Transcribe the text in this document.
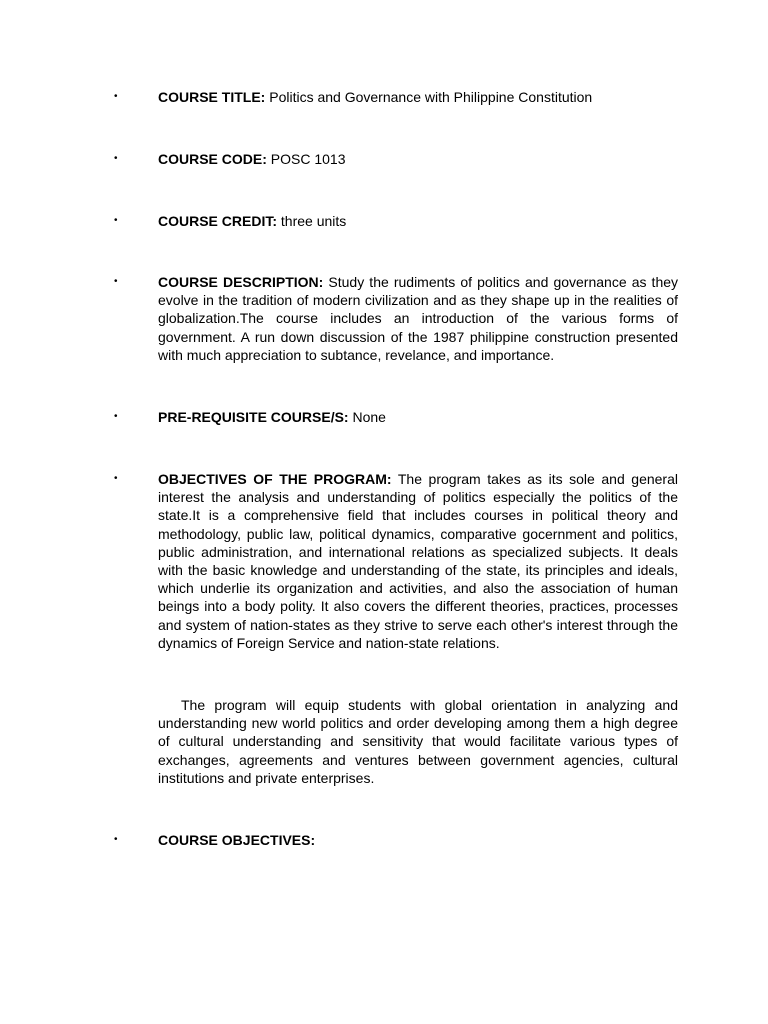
•	COURSE TITLE: Politics and Governance with Philippine Constitution
•	COURSE CODE: POSC 1013
•	COURSE CREDIT: three units
•	COURSE DESCRIPTION: Study the rudiments of politics and governance as they evolve in the tradition of modern civilization and as they shape up in the realities of globalization.The course includes an introduction of the various forms of government. A run down discussion of the 1987 philippine construction presented with much appreciation to subtance, revelance, and importance.
•	PRE-REQUISITE COURSE/S: None
•	OBJECTIVES OF THE PROGRAM: The program takes as its sole and general interest the analysis and understanding of politics especially the politics of the state.It is a comprehensive field that includes courses in political theory and methodology, public law, political dynamics, comparative gocernment and politics, public administration, and international relations as specialized subjects. It deals with the basic knowledge and understanding of the state, its principles and ideals, which underlie its organization and activities, and also the association of human beings into a body polity. It also covers the different theories, practices, processes and system of nation-states as they strive to serve each other's interest through the dynamics of Foreign Service and nation-state relations.
The program will equip students with global orientation in analyzing and understanding new world politics and order developing among them a high degree of cultural understanding and sensitivity that would facilitate various types of exchanges, agreements and ventures between government agencies, cultural institutions and private enterprises.
•	COURSE OBJECTIVES:
